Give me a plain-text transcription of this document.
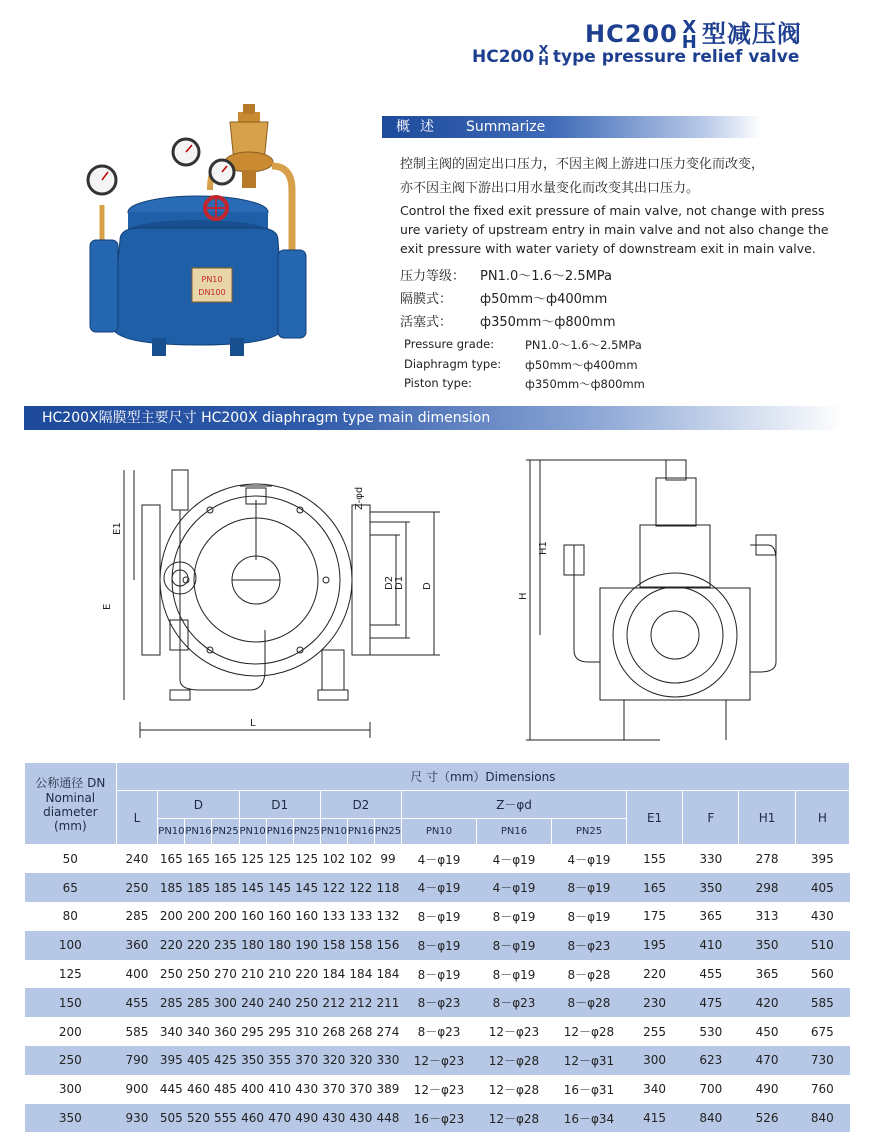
HC200 X
H 型减压阀
HC200 X
H type pressure relief valve
PN10
DN100
概述 Summarize
控制主阀的固定出口压力，不因主阀上游进口压力变化而改变，
亦不因主阀下游出口用水量变化而改变其出口压力。
Control the fixed exit pressure of main valve, not change with press
ure variety of upstream entry in main valve and not also change the
exit pressure with water variety of downstream exit in main valve.
压力等级： PN1.0～1.6～2.5MPa
隔膜式： ф50mm～ф400mm
活塞式： ф350mm～ф800mm
Pressure grade:	PN1.0～1.6～2.5MPa
Diaphragm type: ф50mm～ф400mm
Piston type:	ф350mm～ф800mm
HC200X隔膜型主要尺寸 HC200X diaphragm type main dimension
E1
E
L
Z-φd
D2 D1 D
H1
H
公称通径 DN Nominal diameter (mm)	尺 寸（mm）Dimensions																
	L	D			D1			D2			Z－φd			E1	F	H1	H
		PN10	PN16	PN25	PN10	PN16	PN25	PN10	PN16	PN25	PN10	PN16	PN25				
50	240	165	165	165	125	125	125	102	102	99	4－φ19	4－φ19	4－φ19	155	330	278	395
65	250	185	185	185	145	145	145	122	122	118	4－φ19	4－φ19	8－φ19	165	350	298	405
80	285	200	200	200	160	160	160	133	133	132	8－φ19	8－φ19	8－φ19	175	365	313	430
100	360	220	220	235	180	180	190	158	158	156	8－φ19	8－φ19	8－φ23	195	410	350	510
125	400	250	250	270	210	210	220	184	184	184	8－φ19	8－φ19	8－φ28	220	455	365	560
150	455	285	285	300	240	240	250	212	212	211	8－φ23	8－φ23	8－φ28	230	475	420	585
200	585	340	340	360	295	295	310	268	268	274	8－φ23	12－φ23	12－φ28	255	530	450	675
250	790	395	405	425	350	355	370	320	320	330	12－φ23	12－φ28	12－φ31	300	623	470	730
300	900	445	460	485	400	410	430	370	370	389	12－φ23	12－φ28	16－φ31	340	700	490	760
350	930	505	520	555	460	470	490	430	430	448	16－φ23	12－φ28	16－φ34	415	840	526	840
